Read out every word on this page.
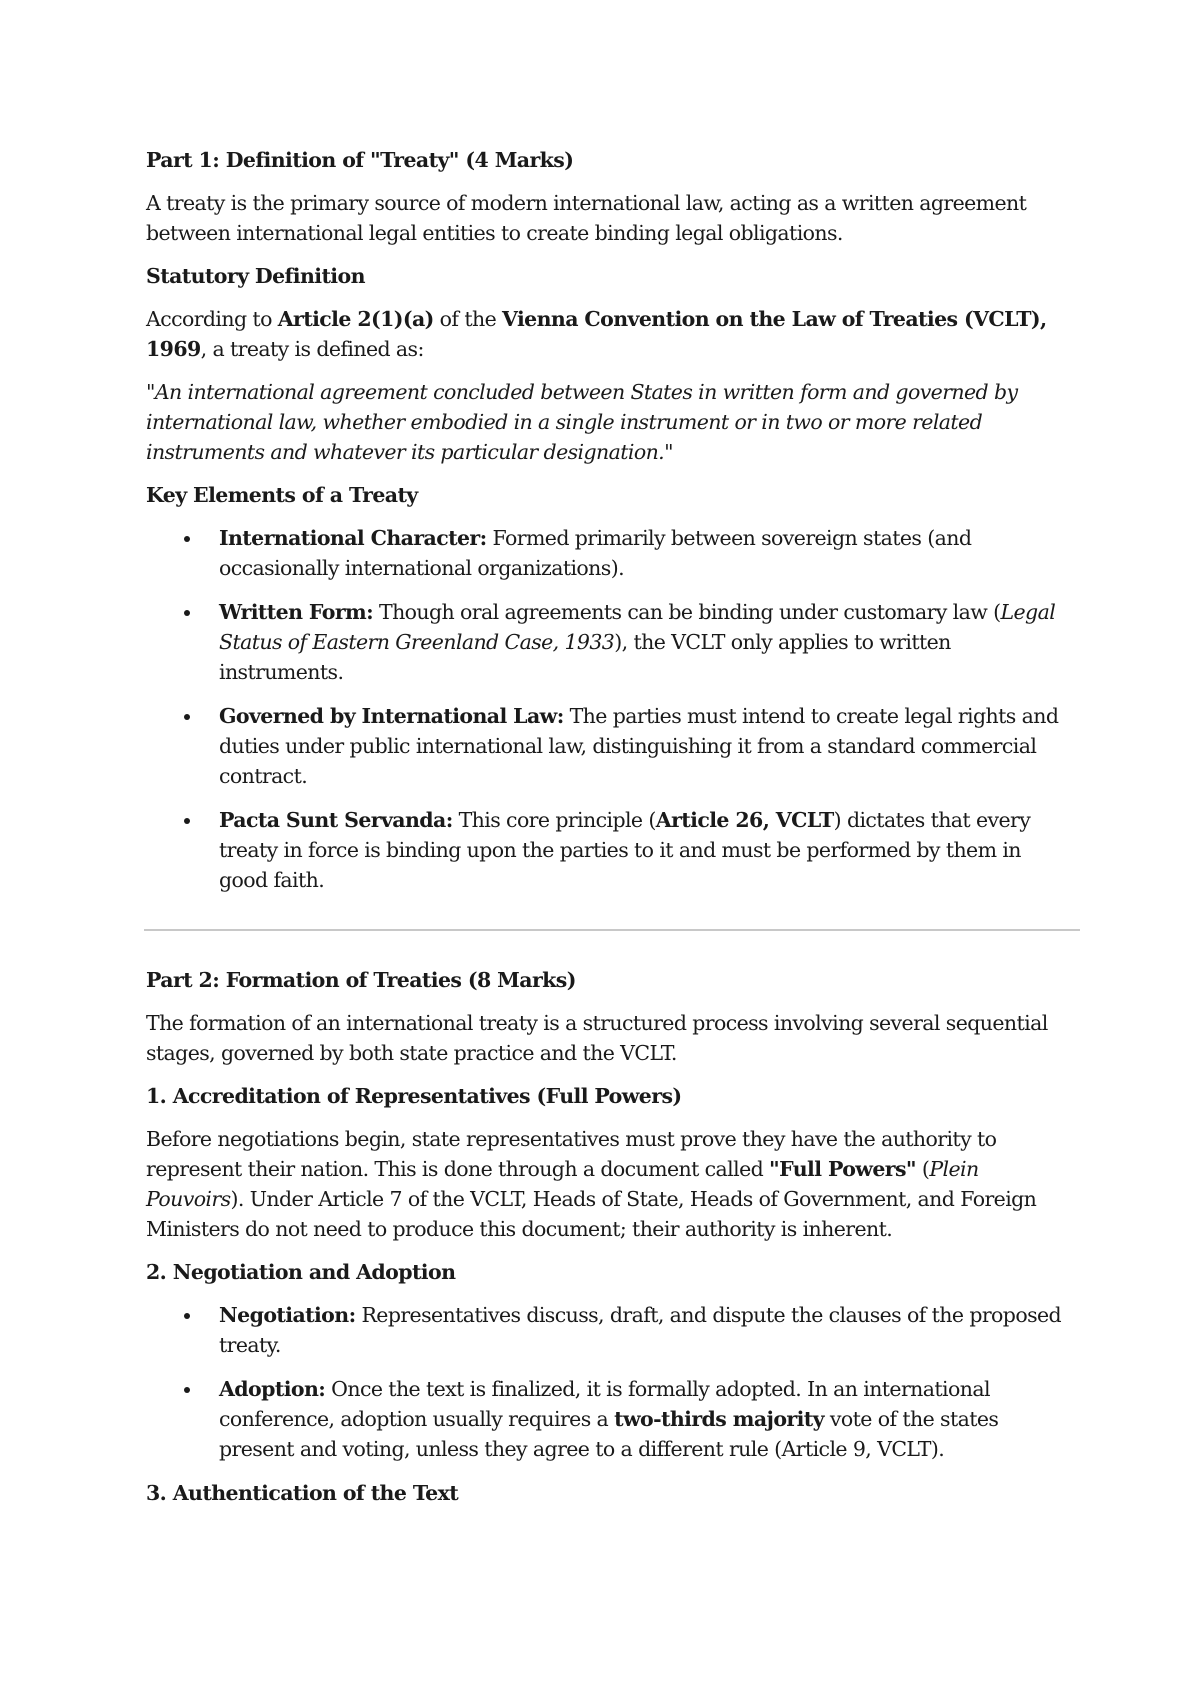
Part 1: Definition of "Treaty" (4 Marks)

A treaty is the primary source of modern international law, acting as a written agreement between international legal entities to create binding legal obligations.

Statutory Definition

According to Article 2(1)(a) of the Vienna Convention on the Law of Treaties (VCLT), 1969, a treaty is defined as:

"An international agreement concluded between States in written form and governed by international law, whether embodied in a single instrument or in two or more related instruments and whatever its particular designation."

Key Elements of a Treaty
International Character: Formed primarily between sovereign states (and occasionally international organizations).
Written Form: Though oral agreements can be binding under customary law (Legal Status of Eastern Greenland Case, 1933), the VCLT only applies to written instruments.
Governed by International Law: The parties must intend to create legal rights and duties under public international law, distinguishing it from a standard commercial contract.
Pacta Sunt Servanda: This core principle (Article 26, VCLT) dictates that every treaty in force is binding upon the parties to it and must be performed by them in good faith.
Part 2: Formation of Treaties (8 Marks)

The formation of an international treaty is a structured process involving several sequential stages, governed by both state practice and the VCLT.

1. Accreditation of Representatives (Full Powers)

Before negotiations begin, state representatives must prove they have the authority to represent their nation. This is done through a document called "Full Powers" (Plein Pouvoirs). Under Article 7 of the VCLT, Heads of State, Heads of Government, and Foreign Ministers do not need to produce this document; their authority is inherent.

2. Negotiation and Adoption
Negotiation: Representatives discuss, draft, and dispute the clauses of the proposed treaty.
Adoption: Once the text is finalized, it is formally adopted. In an international conference, adoption usually requires a two-thirds majority vote of the states present and voting, unless they agree to a different rule (Article 9, VCLT).
3. Authentication of the Text
